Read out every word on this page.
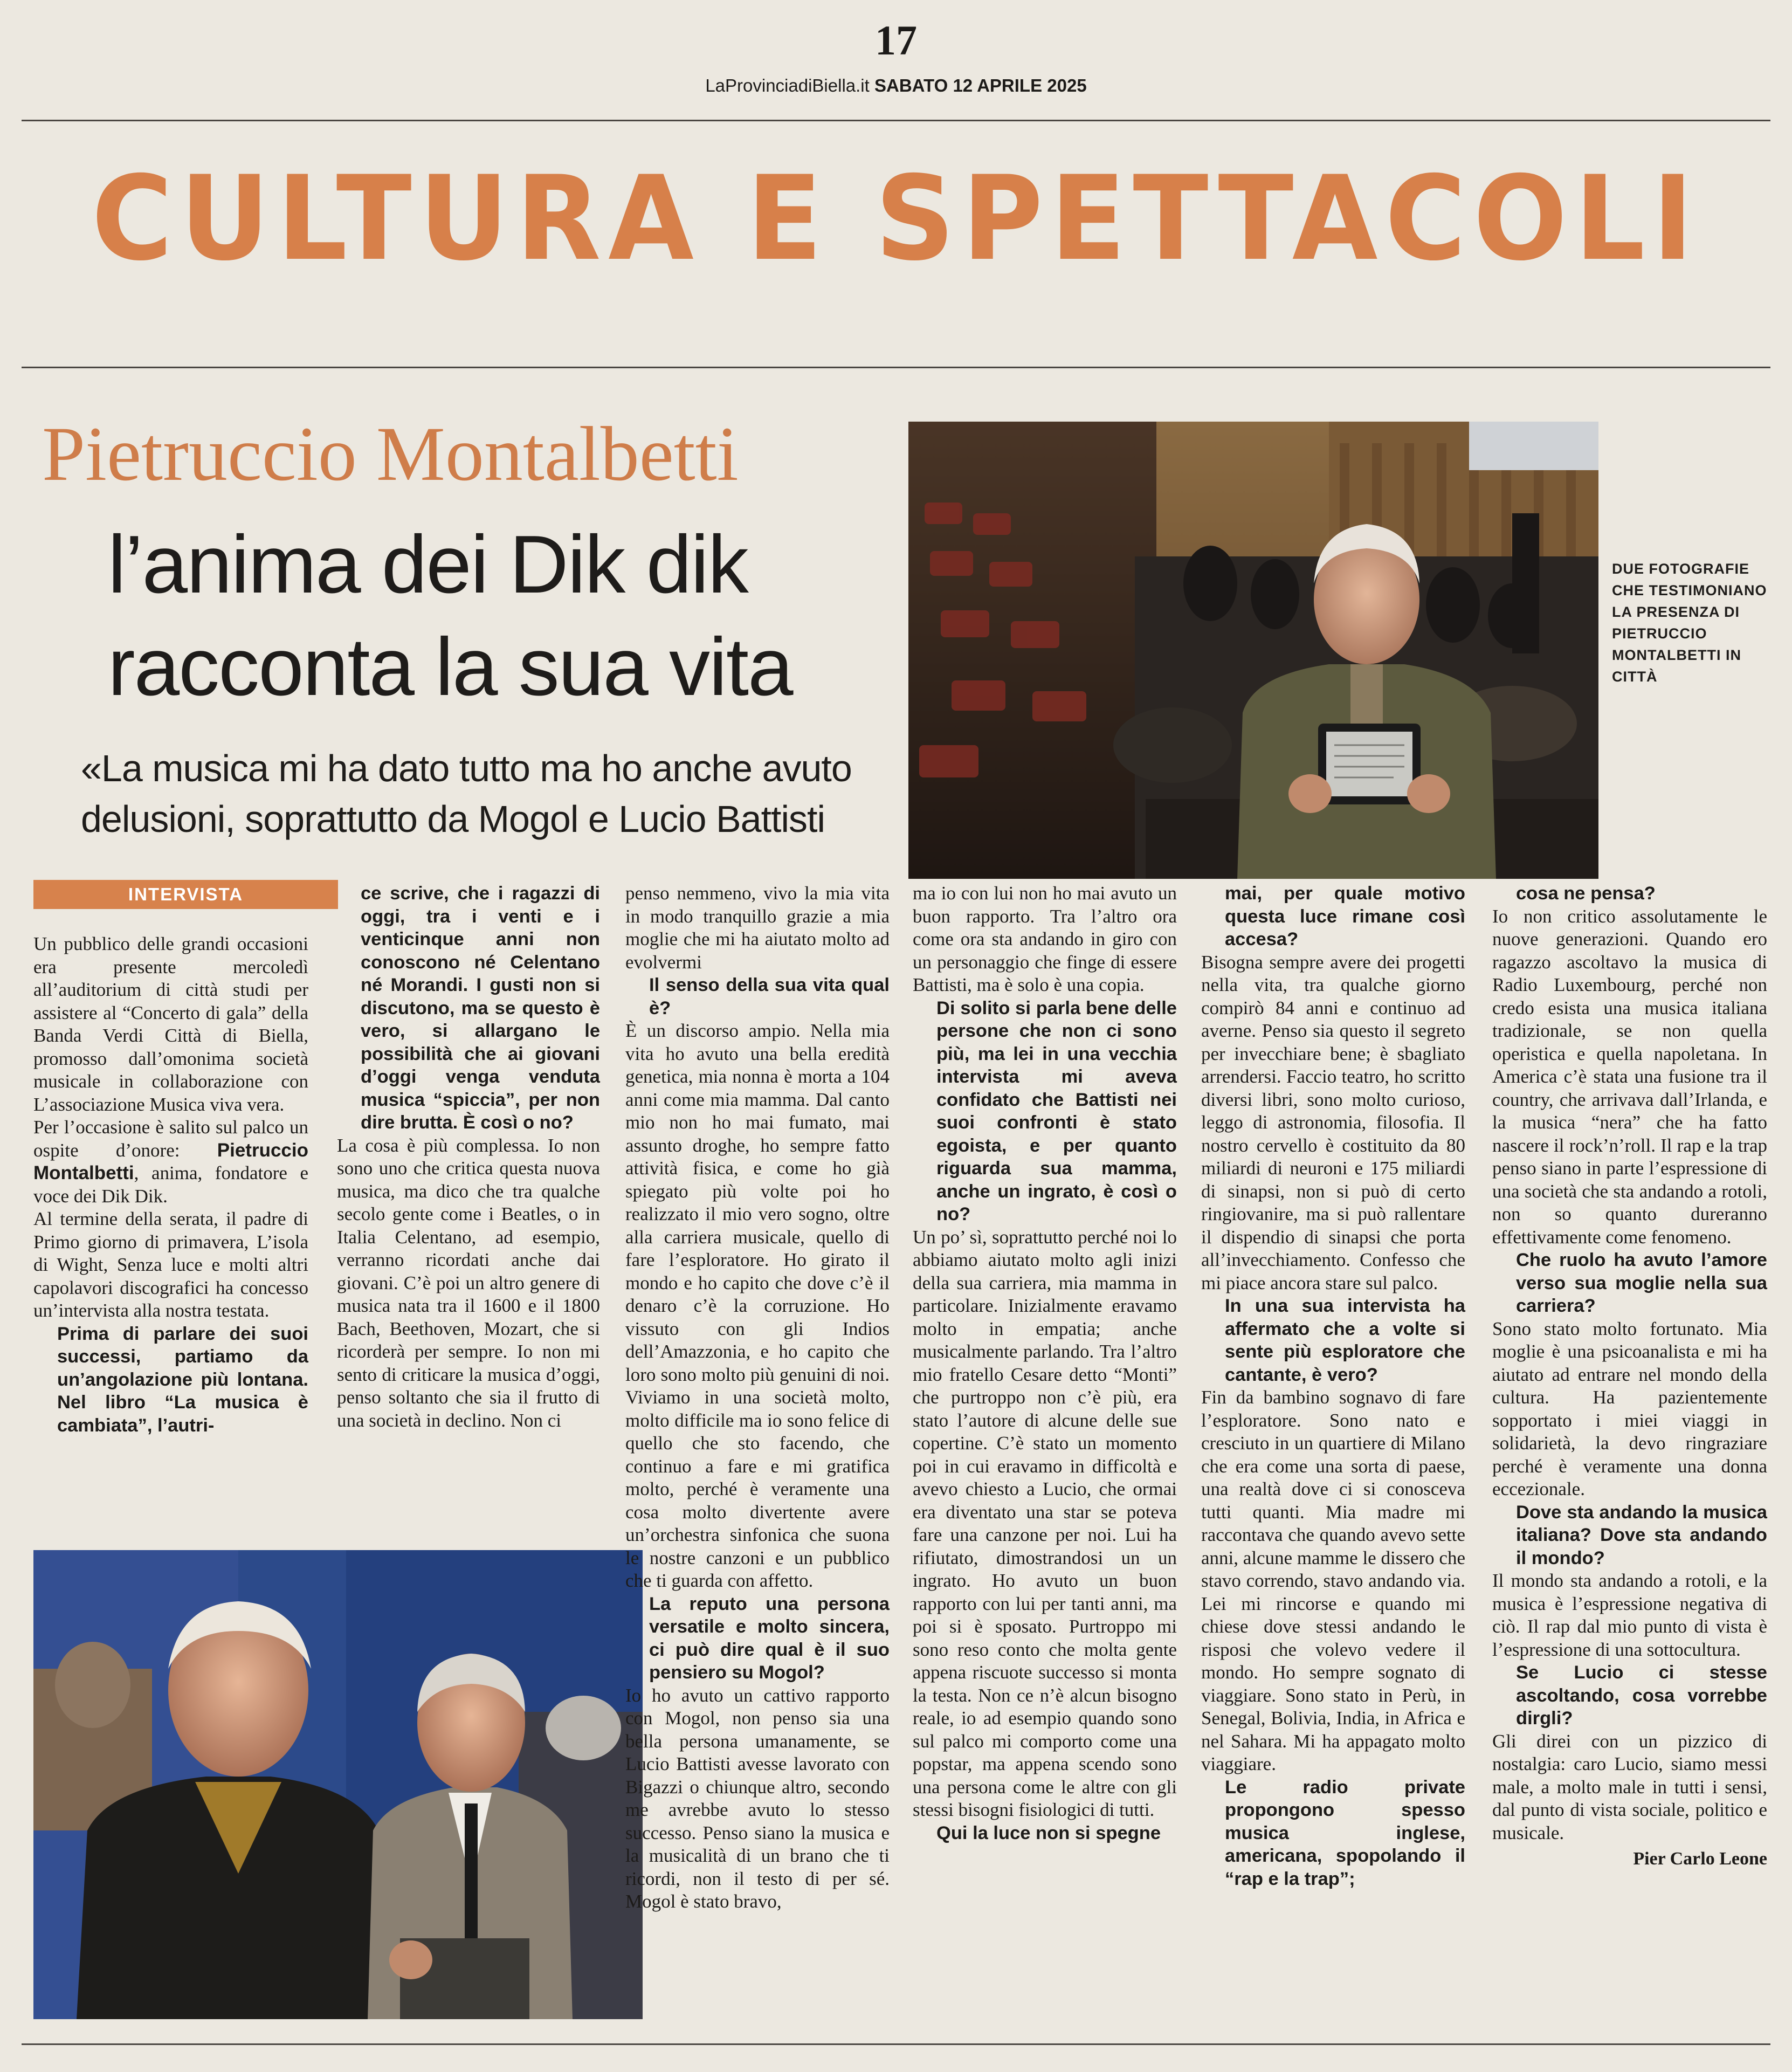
17
LaProvinciadiBiella.it SABATO 12 APRILE 2025
CULTURA E SPETTACOLI
Pietruccio Montalbetti
l’anima dei Dik dik
racconta la sua vita
«La musica mi ha dato tutto ma ho anche avuto
delusioni, soprattutto da Mogol e Lucio Battisti
DUE FOTOGRAFIE CHE TESTIMONIANO LA PRESENZA DI PIETRUCCIO MONTALBETTI IN CITTÀ
INTERVISTA

Un pubblico delle grandi occasioni era presente mercoledì all’auditorium di città studi per assistere al “Concerto di gala” della Banda Verdi Città di Biella, promosso dall’omonima società musicale in collaborazione con L’associazione Musica viva vera.

Per l’occasione è salito sul palco un ospite d’onore: Pietruccio Montalbetti, anima, fondatore e voce dei Dik Dik.

Al termine della serata, il padre di Primo giorno di primavera, L’isola di Wight, Senza luce e molti altri capolavori discografici ha concesso un’intervista alla nostra testata.

Prima di parlare dei suoi successi, partiamo da un’angolazione più lontana. Nel libro “La musica è cambiata”, l’autri-

ce scrive, che i ragazzi di oggi, tra i venti e i venticinque anni non conoscono né Celentano né Morandi. I gusti non si discutono, ma se questo è vero, si allargano le possibilità che ai giovani d’oggi venga venduta musica “spiccia”, per non dire brutta. È così o no?

La cosa è più complessa. Io non sono uno che critica questa nuova musica, ma dico che tra qualche secolo gente come i Beatles, o in Italia Celentano, ad esempio, verranno ricordati anche dai giovani. C’è poi un altro genere di musica nata tra il 1600 e il 1800 Bach, Beethoven, Mozart, che si ricorderà per sempre. Io non mi sento di criticare la musica d’oggi, penso soltanto che sia il frutto di una società in declino. Non ci

penso nemmeno, vivo la mia vita in modo tranquillo grazie a mia moglie che mi ha aiutato molto ad evolvermi

Il senso della sua vita qual è?

È un discorso ampio. Nella mia vita ho avuto una bella eredità genetica, mia nonna è morta a 104 anni come mia mamma. Dal canto mio non ho mai fumato, mai assunto droghe, ho sempre fatto attività fisica, e come ho già spiegato più volte poi ho realizzato il mio vero sogno, oltre alla carriera musicale, quello di fare l’esploratore. Ho girato il mondo e ho capito che dove c’è il denaro c’è la corruzione. Ho vissuto con gli Indios dell’Amazzonia, e ho capito che loro sono molto più genuini di noi. Viviamo in una società molto, molto difficile ma io sono felice di quello che sto facendo, che continuo a fare e mi gratifica molto, perché è veramente una cosa molto divertente avere un’orchestra sinfonica che suona le nostre canzoni e un pubblico che ti guarda con affetto.

La reputo una persona versatile e molto sincera, ci può dire qual è il suo pensiero su Mogol?

Io ho avuto un cattivo rapporto con Mogol, non penso sia una bella persona umanamente, se Lucio Battisti avesse lavorato con Bigazzi o chiunque altro, secondo me avrebbe avuto lo stesso successo. Penso siano la musica e la musicalità di un brano che ti ricordi, non il testo di per sé. Mogol è stato bravo,

ma io con lui non ho mai avuto un buon rapporto. Tra l’altro ora come ora sta andando in giro con un personaggio che finge di essere Battisti, ma è solo è una copia.

Di solito si parla bene delle persone che non ci sono più, ma lei in una vecchia intervista mi aveva confidato che Battisti nei suoi confronti è stato egoista, e per quanto riguarda sua mamma, anche un ingrato, è così o no?

Un po’ sì, soprattutto perché noi lo abbiamo aiutato molto agli inizi della sua carriera, mia mamma in particolare. Inizialmente eravamo molto in empatia; anche musicalmente parlando. Tra l’altro mio fratello Cesare detto “Monti” che purtroppo non c’è più, era stato l’autore di alcune delle sue copertine. C’è stato un momento poi in cui eravamo in difficoltà e avevo chiesto a Lucio, che ormai era diventato una star se poteva fare una canzone per noi. Lui ha rifiutato, dimostrandosi un un ingrato. Ho avuto un buon rapporto con lui per tanti anni, ma poi si è sposato. Purtroppo mi sono reso conto che molta gente appena riscuote successo si monta la testa. Non ce n’è alcun bisogno reale, io ad esempio quando sono sul palco mi comporto come una popstar, ma appena scendo sono una persona come le altre con gli stessi bisogni fisiologici di tutti.

Qui la luce non si spegne

mai, per quale motivo questa luce rimane così accesa?

Bisogna sempre avere dei progetti nella vita, tra qualche giorno compirò 84 anni e continuo ad averne. Penso sia questo il segreto per invecchiare bene; è sbagliato arrendersi. Faccio teatro, ho scritto diversi libri, sono molto curioso, leggo di astronomia, filosofia. Il nostro cervello è costituito da 80 miliardi di neuroni e 175 miliardi di sinapsi, non si può di certo ringiovanire, ma si può rallentare il dispendio di sinapsi che porta all’invecchiamento. Confesso che mi piace ancora stare sul palco.

In una sua intervista ha affermato che a volte si sente più esploratore che cantante, è vero?

Fin da bambino sognavo di fare l’esploratore. Sono nato e cresciuto in un quartiere di Milano che era come una sorta di paese, una realtà dove ci si conosceva tutti quanti. Mia madre mi raccontava che quando avevo sette anni, alcune mamme le dissero che stavo correndo, stavo andando via. Lei mi rincorse e quando mi chiese dove stessi andando le risposi che volevo vedere il mondo. Ho sempre sognato di viaggiare. Sono stato in Perù, in Senegal, Bolivia, India, in Africa e nel Sahara. Mi ha appagato molto viaggiare.

Le radio private propongono spesso musica inglese, americana, spopolando il “rap e la trap”;

cosa ne pensa?

Io non critico assolutamente le nuove generazioni. Quando ero ragazzo ascoltavo la musica di Radio Luxembourg, perché non credo esista una musica italiana tradizionale, se non quella operistica e quella napoletana. In America c’è stata una fusione tra il country, che arrivava dall’Irlanda, e la musica “nera” che ha fatto nascere il rock’n’roll. Il rap e la trap penso siano in parte l’espressione di una società che sta andando a rotoli, non so quanto dureranno effettivamente come fenomeno.

Che ruolo ha avuto l’amore verso sua moglie nella sua carriera?

Sono stato molto fortunato. Mia moglie è una psicoanalista e mi ha aiutato ad entrare nel mondo della cultura. Ha pazientemente sopportato i miei viaggi in solidarietà, la devo ringraziare perché è veramente una donna eccezionale.

Dove sta andando la musica italiana? Dove sta andando il mondo?

Il mondo sta andando a rotoli, e la musica è l’espressione negativa di ciò. Il rap dal mio punto di vista è l’espressione di una sottocultura.

Se Lucio ci stesse ascoltando, cosa vorrebbe dirgli?

Gli direi con un pizzico di nostalgia: caro Lucio, siamo messi male, a molto male in tutti i sensi, dal punto di vista sociale, politico e musicale.

Pier Carlo Leone
